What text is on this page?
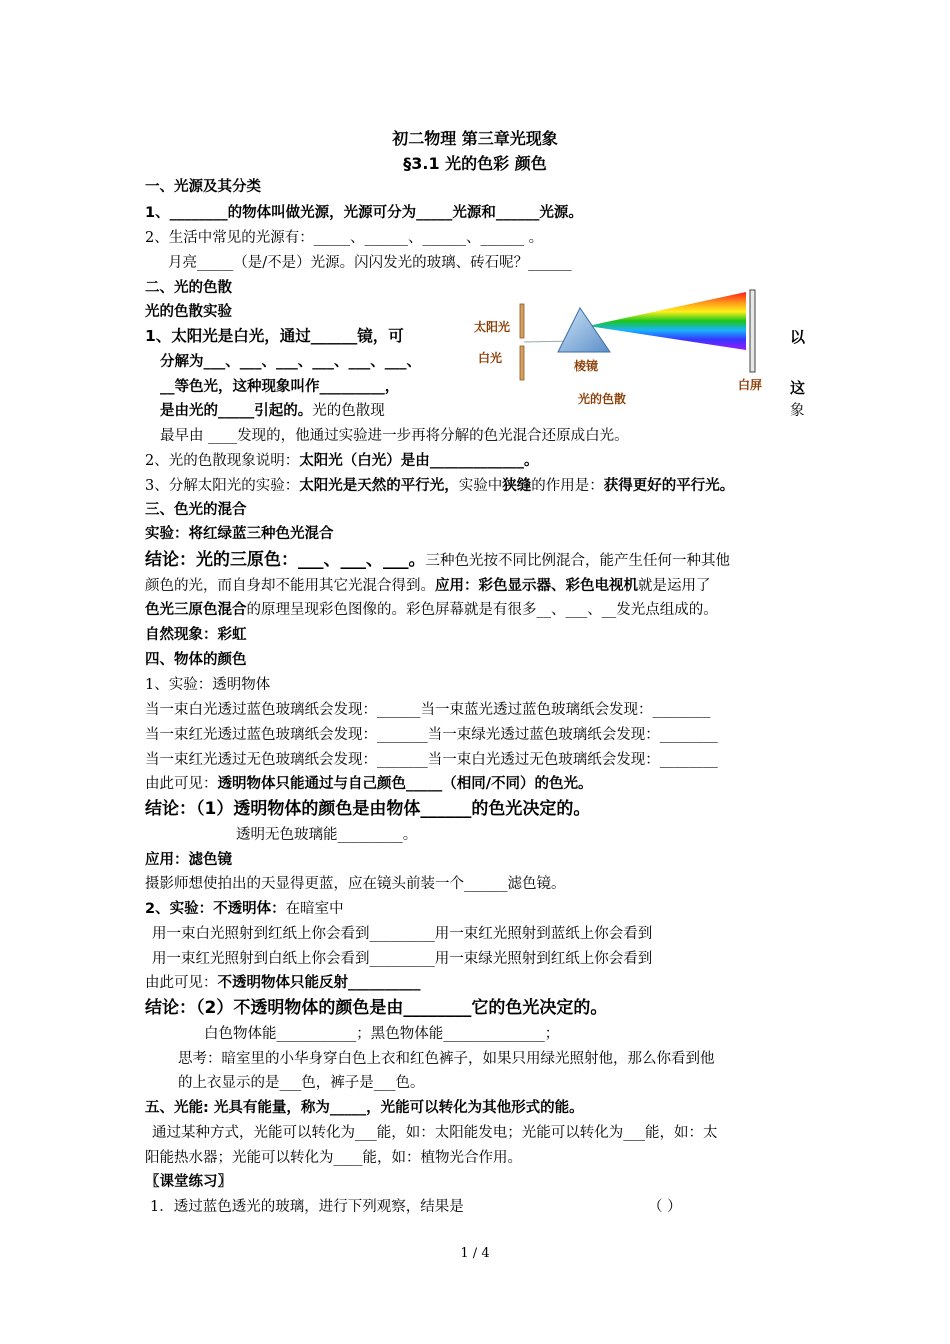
初二物理 第三章光现象
§3.1 光的色彩 颜色
一、光源及其分类
1、________的物体叫做光源，光源可分为_____光源和______光源。
2、生活中常见的光源有：_____、______、______、______ 。
月亮_____（是/不是）光源。闪闪发光的玻璃、砖石呢？______
二、光的色散
光的色散实验
1、太阳光是白光，通过______镜，可	以
分解为___、___、___、___、___、___、
__等色光，这种现象叫作_________，	这
是由光的_____引起的。光的色散现	象
太阳光
白光
棱镜
光的色散
白屏
最早由 ____发现的，他通过实验进一步再将分解的色光混合还原成白光。
2、光的色散现象说明：太阳光（白光）是由_____________。
3、分解太阳光的实验：太阳光是天然的平行光，实验中狭缝的作用是：获得更好的平行光。
三、色光的混合
实验：将红绿蓝三种色光混合
结论：光的三原色：___、___、___。三种色光按不同比例混合，能产生任何一种其他
颜色的光，而自身却不能用其它光混合得到。应用：彩色显示器、彩色电视机就是运用了
色光三原色混合的原理呈现彩色图像的。彩色屏幕就是有很多__、___、__发光点组成的。
自然现象：彩虹
四、物体的颜色
1、实验：透明物体
当一束白光透过蓝色玻璃纸会发现：______当一束蓝光透过蓝色玻璃纸会发现：________
当一束红光透过蓝色玻璃纸会发现：_______当一束绿光透过蓝色玻璃纸会发现：________
当一束红光透过无色玻璃纸会发现：_______当一束白光透过无色玻璃纸会发现：________
由此可见：透明物体只能通过与自己颜色_____（相同/不同）的色光。
结论：（1）透明物体的颜色是由物体______的色光决定的。
透明无色玻璃能_________。
应用：滤色镜
摄影师想使拍出的天显得更蓝，应在镜头前装一个______滤色镜。
2、实验：不透明体：在暗室中
用一束白光照射到红纸上你会看到_________用一束红光照射到蓝纸上你会看到
用一束红光照射到白纸上你会看到_________用一束绿光照射到红纸上你会看到
由此可见：不透明物体只能反射__________
结论：（2）不透明物体的颜色是由________它的色光决定的。
白色物体能___________；黑色物体能______________；
思考：暗室里的小华身穿白色上衣和红色裤子，如果只用绿光照射他，那么你看到他
的上衣显示的是___色，裤子是___色。
五、光能: 光具有能量，称为_____，光能可以转化为其他形式的能。
通过某种方式，光能可以转化为___能，如：太阳能发电；光能可以转化为___能，如：太
阳能热水器；光能可以转化为____能，如：植物光合作用。
〖课堂练习〗
1．透过蓝色透光的玻璃，进行下列观察，结果是	（ ）
1 / 4
